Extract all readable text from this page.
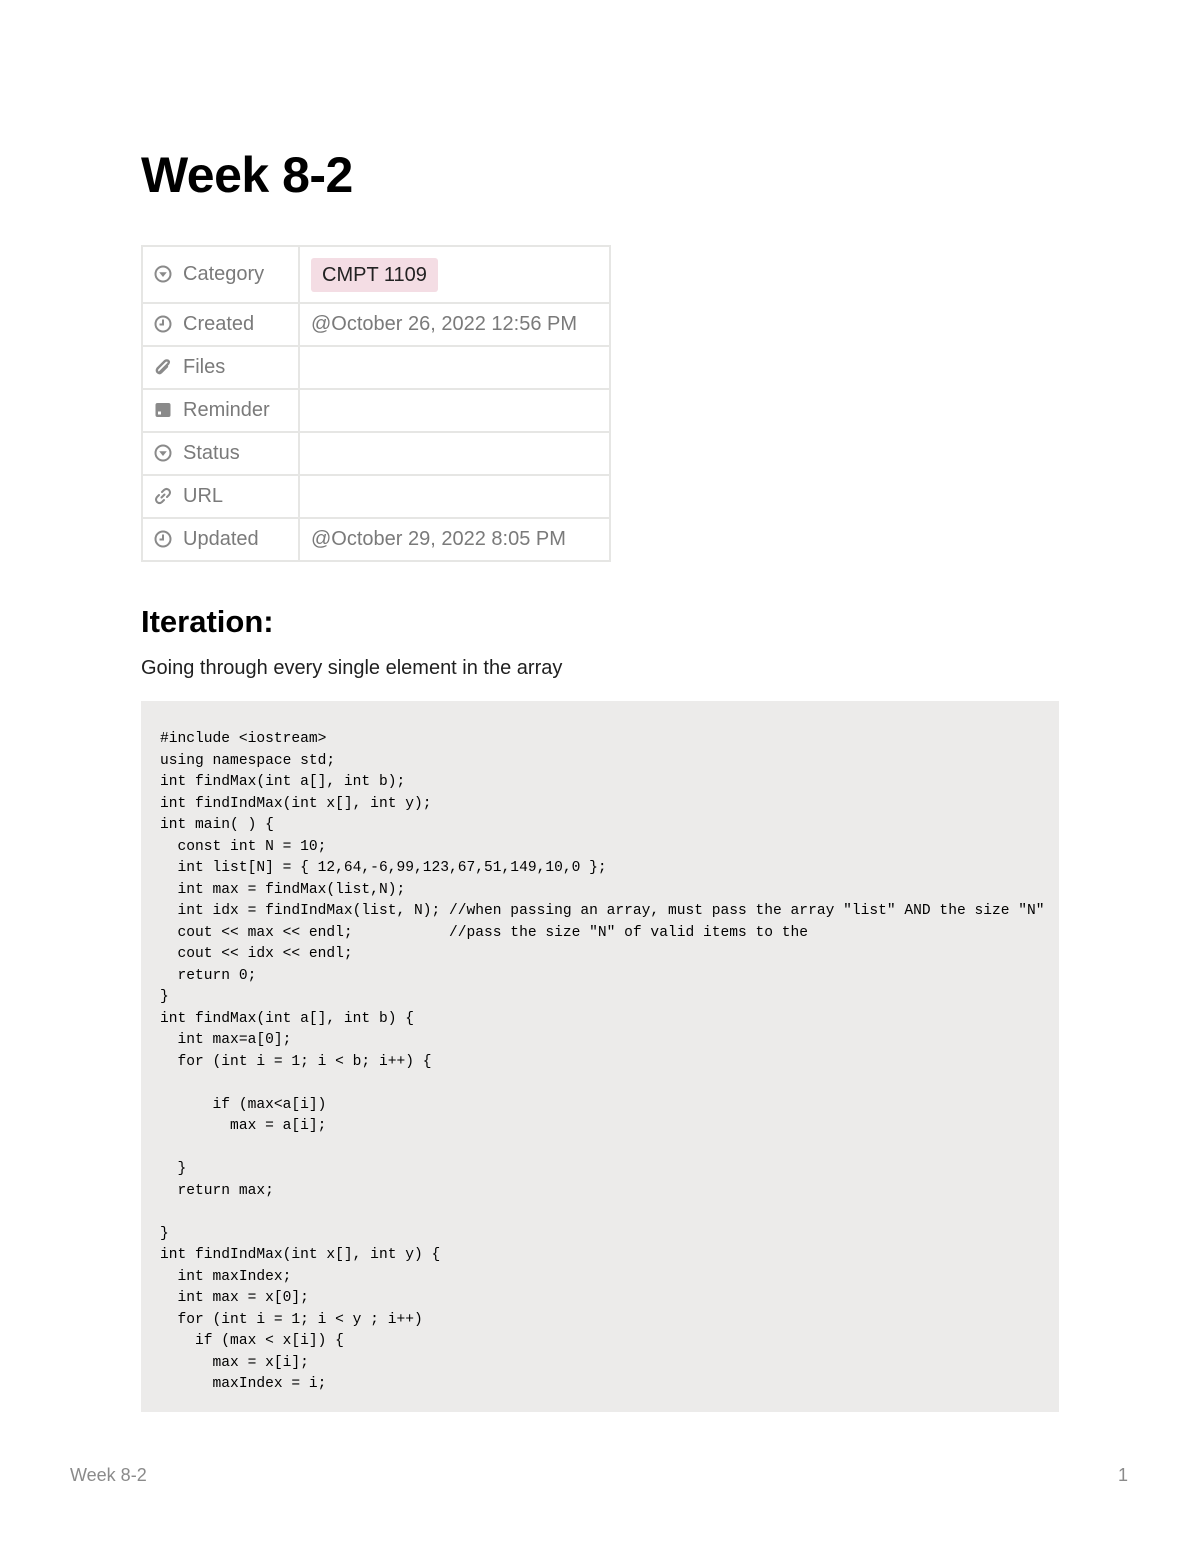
Week 8-2
Category	CMPT 1109
Created	@October 26, 2022 12:56 PM
Files	
Reminder	
Status	
URL	
Updated	@October 29, 2022 8:05 PM
Iteration:

Going through every single element in the array

#include <iostream>
using namespace std;
int findMax(int a[], int b);
int findIndMax(int x[], int y);
int main( ) {
const int N = 10;
int list[N] = { 12,64,-6,99,123,67,51,149,10,0 };
int max = findMax(list,N);
int idx = findIndMax(list, N); //when passing an array, must pass the array "list" AND the size "N"
cout << max << endl;           //pass the size "N" of valid items to the
cout << idx << endl;
return 0;
}
int findMax(int a[], int b) {
int max=a[0];
for (int i = 1; i < b; i++) {

if (max<a[i])
max = a[i];

}
return max;

}
int findIndMax(int x[], int y) {
int maxIndex;
int max = x[0];
for (int i = 1; i < y ; i++)
if (max < x[i]) {
max = x[i];
maxIndex = i;
Week 8-2	1
